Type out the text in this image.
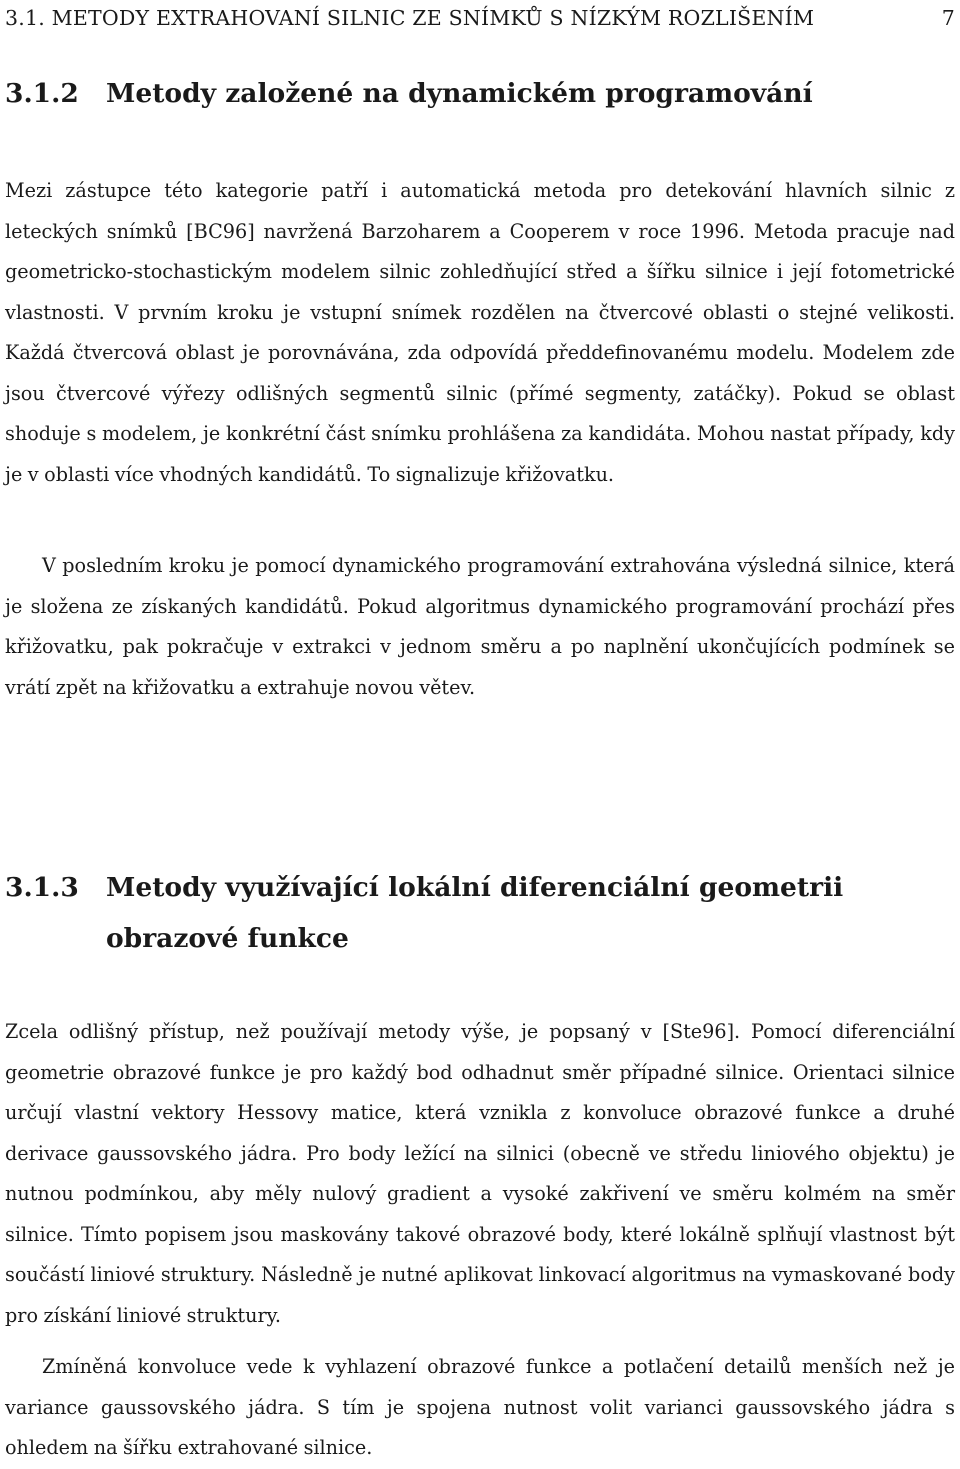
3.1. METODY EXTRAHOVANÍ SILNIC ZE SNÍMKŮ S NÍZKÝM ROZLIŠENÍM	7
3.1.2 Metody založené na dynamickém programování

Mezi zástupce této kategorie patří i automatická metoda pro detekování hlavních silnic z leteckých snímků [BC96] navržená Barzoharem a Cooperem v roce 1996. Metoda pracuje nad geometricko-stochastickým modelem silnic zohledňující střed a šířku silnice i její fotometrické vlastnosti. V prvním kroku je vstupní snímek rozdělen na čtvercové oblasti o stejné velikosti. Každá čtvercová oblast je porovnávána, zda odpovídá předdefinovanému modelu. Modelem zde jsou čtvercové výřezy odlišných segmentů silnic (přímé segmenty, zatáčky). Pokud se oblast shoduje s modelem, je konkrétní část snímku prohlášena za kandidáta. Mohou nastat případy, kdy je v oblasti více vhodných kandidátů. To signalizuje křižovatku.

V posledním kroku je pomocí dynamického programování extrahována výsledná silnice, která je složena ze získaných kandidátů. Pokud algoritmus dynamického programování prochází přes křižovatku, pak pokračuje v extrakci v jednom směru a po naplnění ukončujících podmínek se vrátí zpět na křižovatku a extrahuje novou větev.

3.1.3 Metody využívající lokální diferenciální geometrii obrazové funkce

Zcela odlišný přístup, než používají metody výše, je popsaný v [Ste96]. Pomocí diferenciální geometrie obrazové funkce je pro každý bod odhadnut směr případné silnice. Orientaci silnice určují vlastní vektory Hessovy matice, která vznikla z konvoluce obrazové funkce a druhé derivace gaussovského jádra. Pro body ležící na silnici (obecně ve středu liniového objektu) je nutnou podmínkou, aby měly nulový gradient a vysoké zakřivení ve směru kolmém na směr silnice. Tímto popisem jsou maskovány takové obrazové body, které lokálně splňují vlastnost být součástí liniové struktury. Následně je nutné aplikovat linkovací algoritmus na vymaskované body pro získání liniové struktury.

Zmíněná konvoluce vede k vyhlazení obrazové funkce a potlačení detailů menších než je variance gaussovského jádra. S tím je spojena nutnost volit varianci gaussovského jádra s ohledem na šířku extrahované silnice.
